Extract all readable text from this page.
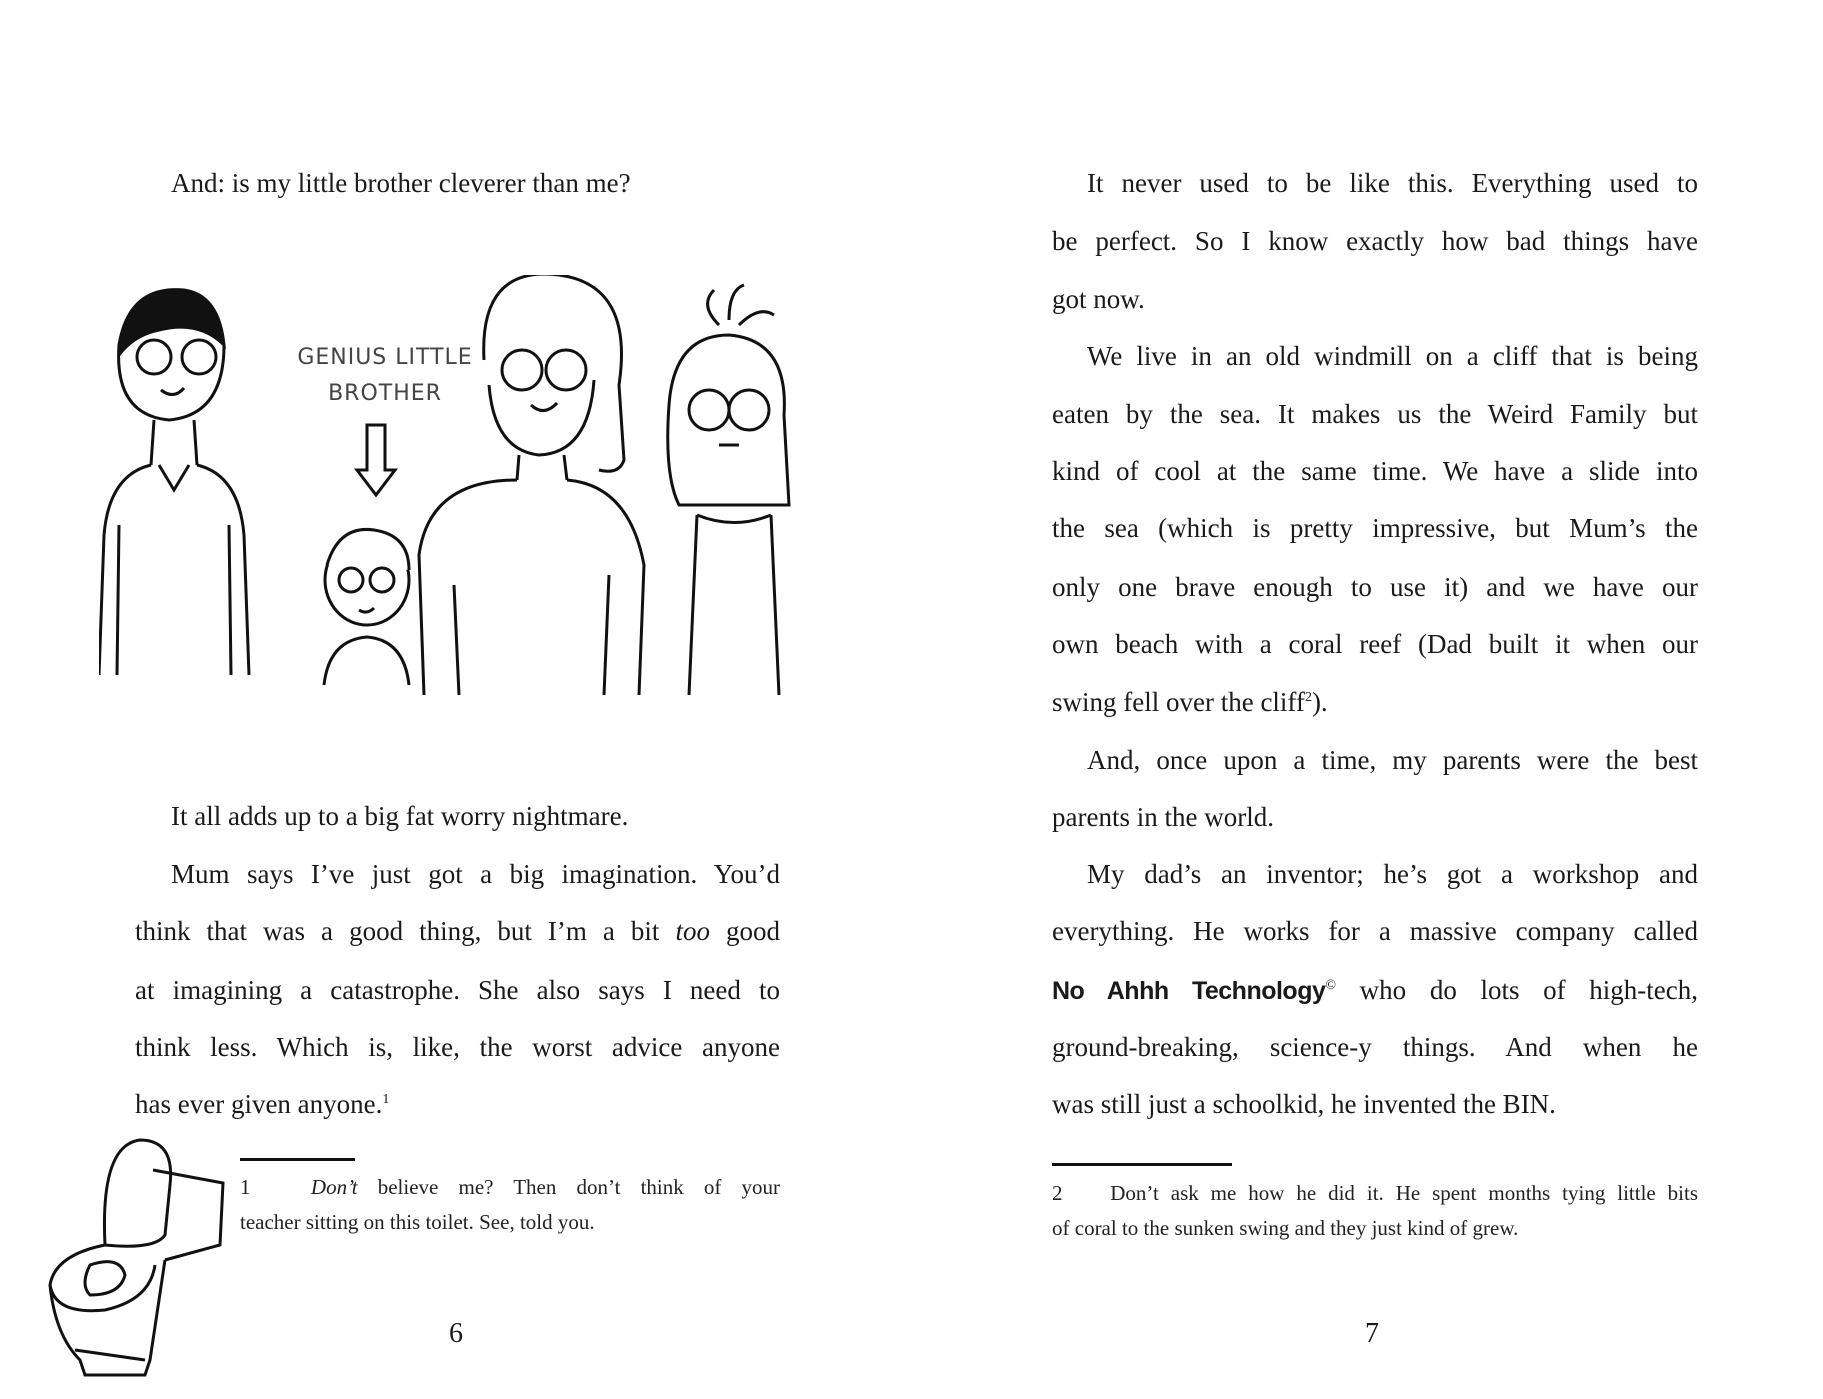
And: is my little brother cleverer than me?
GENIUS LITTLE
BROTHER
It all adds up to a big fat worry nightmare.
Mum says I’ve just got a big imagination. You’d
think that was a good thing, but I’m a bit too good
at imagining a catastrophe. She also says I need to
think less. Which is, like, the worst advice anyone
has ever given anyone.$^1$
1	Don’t believe me? Then don’t think of your
teacher sitting on this toilet. See, told you.
6
It never used to be like this. Everything used to
be perfect. So I know exactly how bad things have
got now.
We live in an old windmill on a cliff that is being
eaten by the sea. It makes us the Weird Family but
kind of cool at the same time. We have a slide into
the sea (which is pretty impressive, but Mum’s the
only one brave enough to use it) and we have our
own beach with a coral reef (Dad built it when our
swing fell over the cliff$^2$).
And, once upon a time, my parents were the best
parents in the world.
My dad’s an inventor; he’s got a workshop and
everything. He works for a massive company called
No Ahhh Technology© who do lots of high-tech,
ground-breaking, science-y things. And when he
was still just a schoolkid, he invented the BIN.
2 Don’t ask me how he did it. He spent months tying little bits
of coral to the sunken swing and they just kind of grew.
7
